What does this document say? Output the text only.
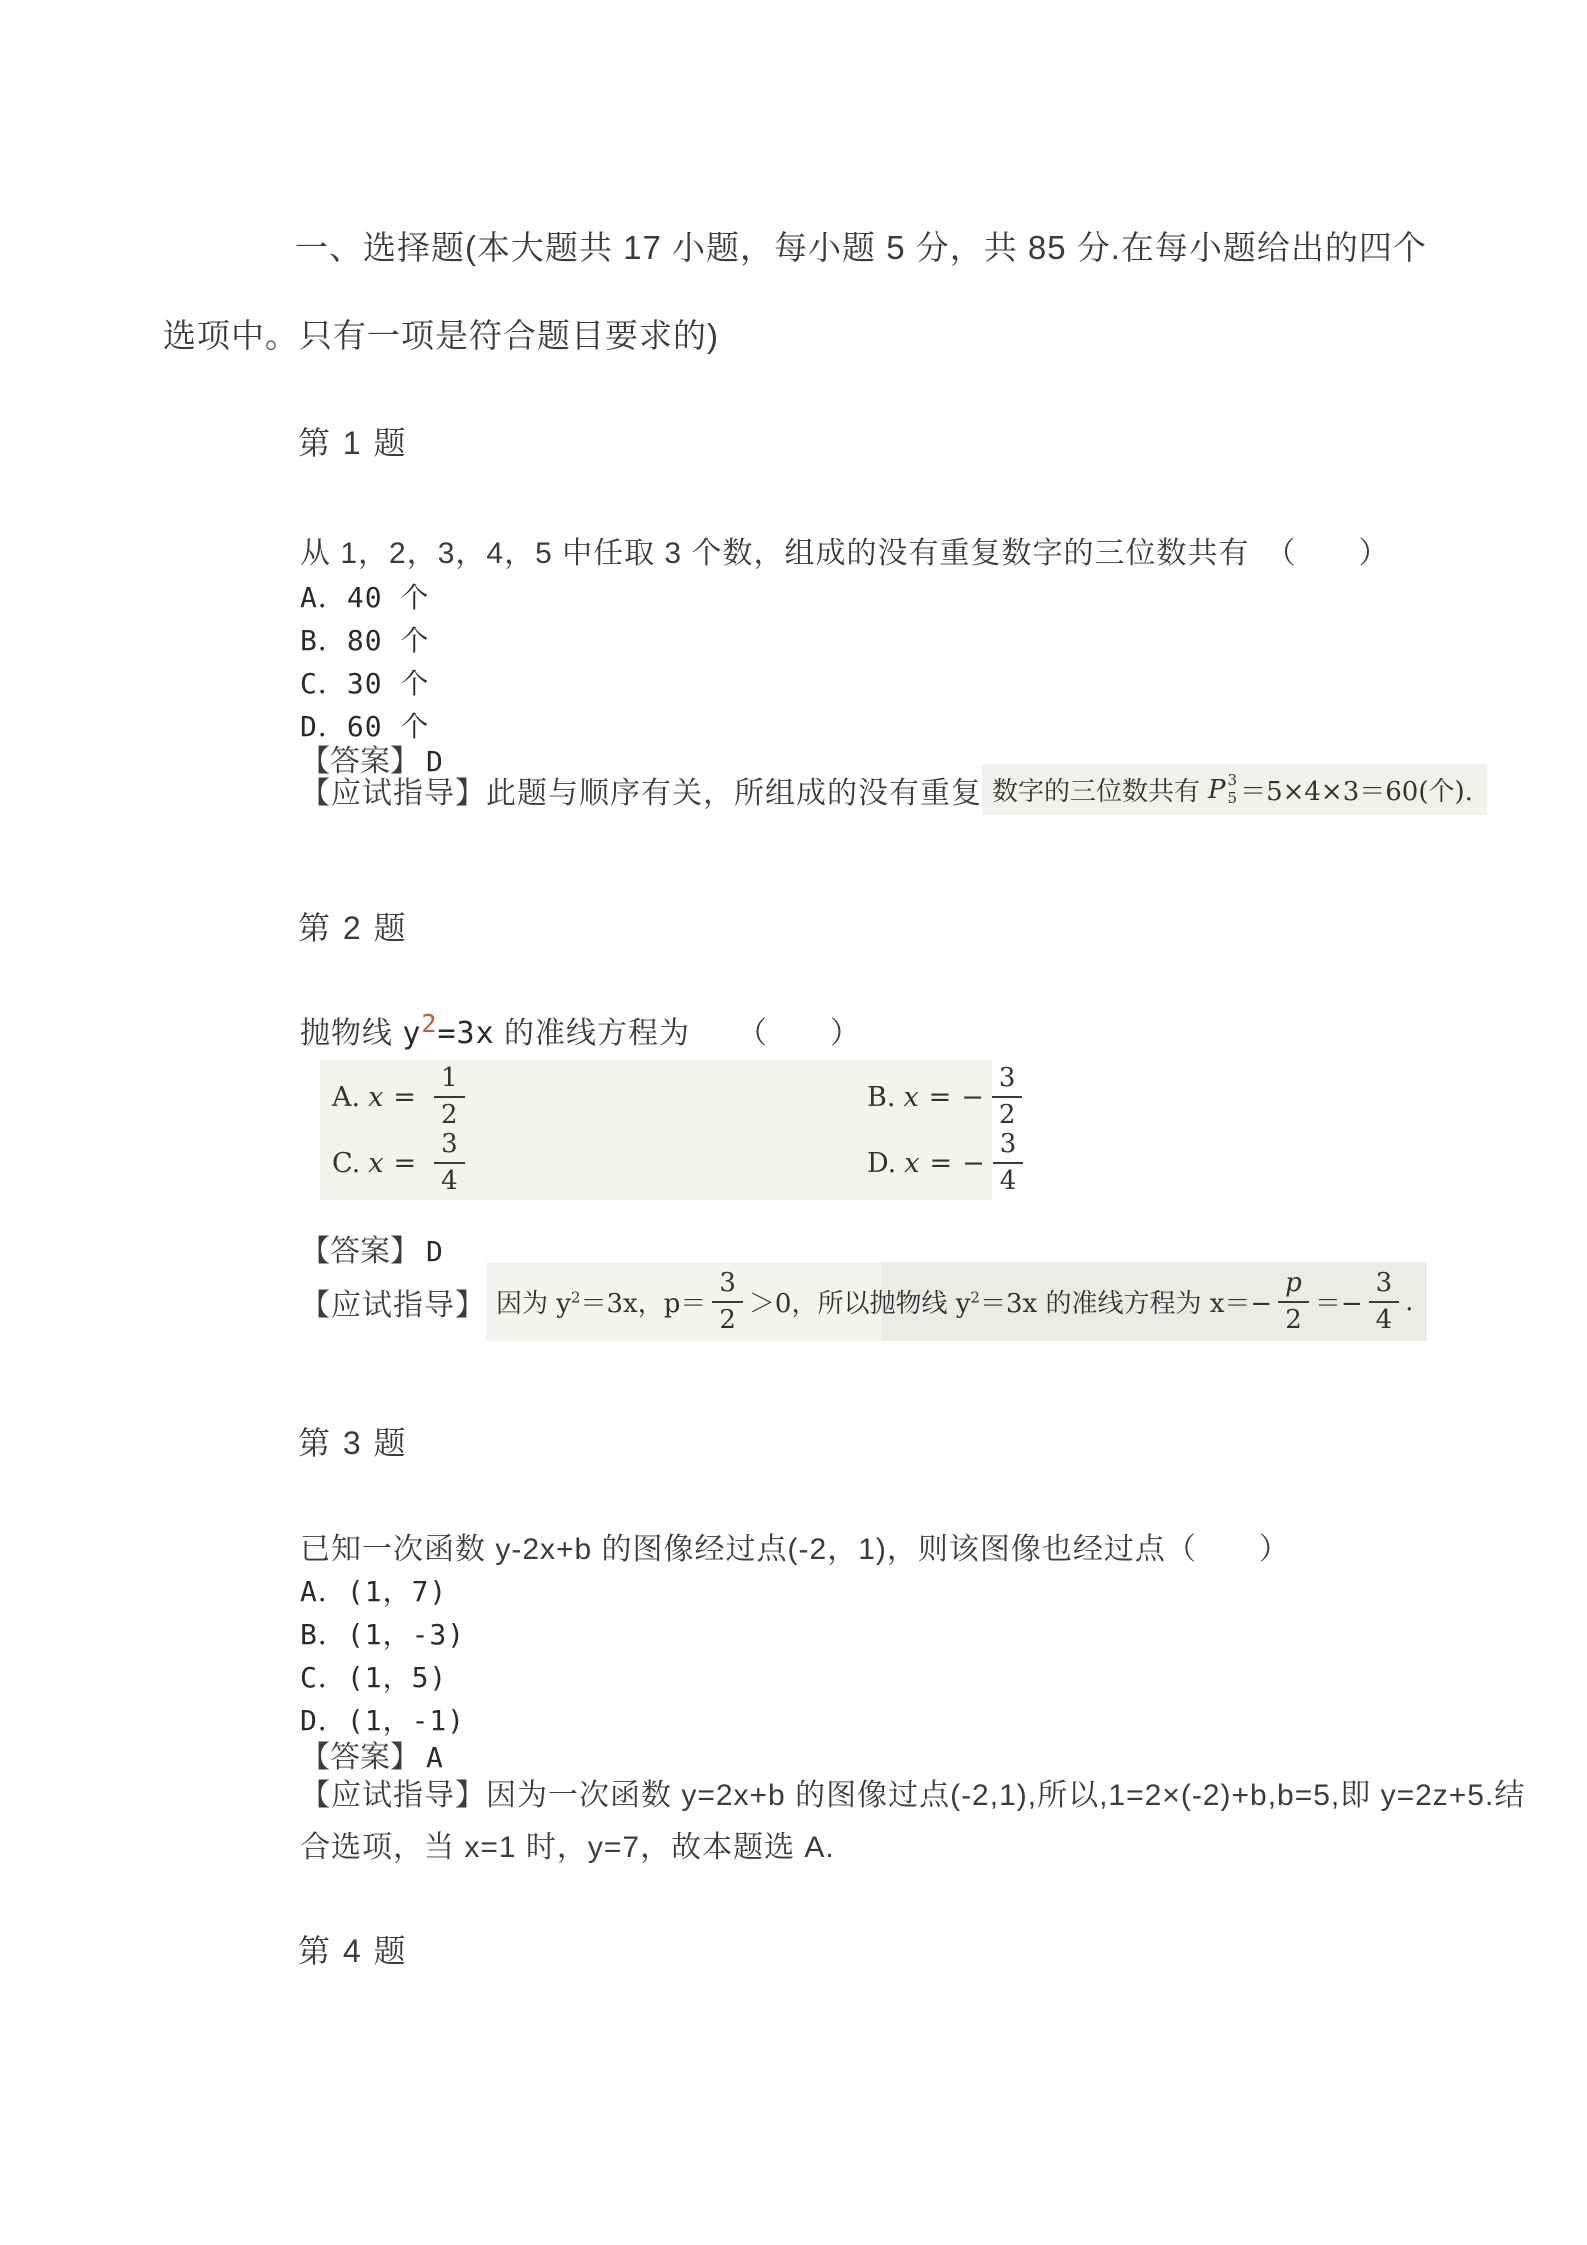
一、选择题(本大题共 17 小题，每小题 5 分，共 85 分.在每小题给出的四个
选项中。只有一项是符合题目要求的)
第 1 题
从 1，2，3，4，5 中任取 3 个数，组成的没有重复数字的三位数共有　（　　）
A．40 个
B．80 个
C．30 个
D．60 个
【答案】 D
【应试指导】此题与顺序有关，所组成的没有重复 数字的三位数共有 P 3
5 ＝5×4×3＝60(个).
第 2 题
抛物线 $y^2=3x$ 的准线方程为　　（　　）
A. $x = \frac{1}{2}$	B. x = − $\frac{3}{2}$
C. $x = \frac{3}{4}$	D. x = − $\frac{3}{4}$
【答案】 D
【应试指导】 因为 $y^2=3x$，$p= \frac{3}{2} >0$，所以抛物线 $y^2=3x$ 的准线方程为 $x=- \frac{p}{2} =- \frac{3}{4}$ .
第 3 题
已知一次函数 y-2x+b 的图像经过点(-2，1)，则该图像也经过点（　　）
A．(1，7)
B．(1，-3)
C．(1，5)
D．(1，-1)
【答案】 A
【应试指导】因为一次函数 y=2x+b 的图像过点(-2,1),所以,1=2×(-2)+b,b=5,即 y=2z+5.结
合选项，当 x=1 时，y=7，故本题选 A.
第 4 题
